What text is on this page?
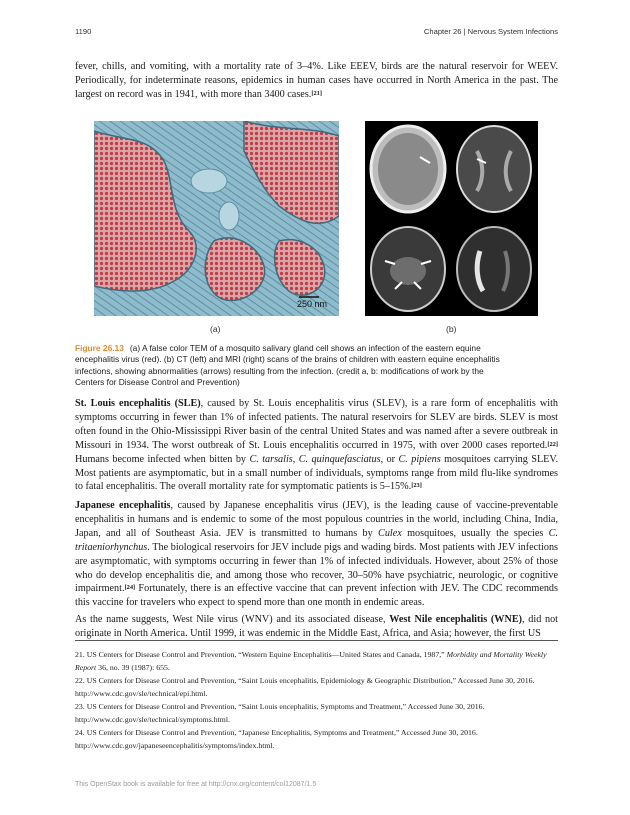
1190	Chapter 26 | Nervous System Infections

fever, chills, and vomiting, with a mortality rate of 3–4%. Like EEEV, birds are the natural reservoir for WEEV. Periodically, for indeterminate reasons, epidemics in human cases have occurred in North America in the past. The largest on record was in 1941, with more than 3400 cases.[21]

250 nm
(a)	(b)

Figure 26.13 (a) A false color TEM of a mosquito salivary gland cell shows an infection of the eastern equine encephalitis virus (red). (b) CT (left) and MRI (right) scans of the brains of children with eastern equine encephalitis infections, showing abnormalities (arrows) resulting from the infection. (credit a, b: modifications of work by the Centers for Disease Control and Prevention)

St. Louis encephalitis (SLE), caused by St. Louis encephalitis virus (SLEV), is a rare form of encephalitis with symptoms occurring in fewer than 1% of infected patients. The natural reservoirs for SLEV are birds. SLEV is most often found in the Ohio-Mississippi River basin of the central United States and was named after a severe outbreak in Missouri in 1934. The worst outbreak of St. Louis encephalitis occurred in 1975, with over 2000 cases reported.[22] Humans become infected when bitten by C. tarsalis, C. quinquefasciatus, or C. pipiens mosquitoes carrying SLEV. Most patients are asymptomatic, but in a small number of individuals, symptoms range from mild flu-like syndromes to fatal encephalitis. The overall mortality rate for symptomatic patients is 5–15%.[23]

Japanese encephalitis, caused by Japanese encephalitis virus (JEV), is the leading cause of vaccine-preventable encephalitis in humans and is endemic to some of the most populous countries in the world, including China, India, Japan, and all of Southeast Asia. JEV is transmitted to humans by Culex mosquitoes, usually the species C. tritaeniorhynchus. The biological reservoirs for JEV include pigs and wading birds. Most patients with JEV infections are asymptomatic, with symptoms occurring in fewer than 1% of infected individuals. However, about 25% of those who do develop encephalitis die, and among those who recover, 30–50% have psychiatric, neurologic, or cognitive impairment.[24] Fortunately, there is an effective vaccine that can prevent infection with JEV. The CDC recommends this vaccine for travelers who expect to spend more than one month in endemic areas.

As the name suggests, West Nile virus (WNV) and its associated disease, West Nile encephalitis (WNE), did not originate in North America. Until 1999, it was endemic in the Middle East, Africa, and Asia; however, the first US

21. US Centers for Disease Control and Prevention, “Western Equine Encephalitis—United States and Canada, 1987,” Morbidity and Mortality Weekly Report 36, no. 39 (1987): 655.

22. US Centers for Disease Control and Prevention, “Saint Louis encephalitis, Epidemiology & Geographic Distribution,” Accessed June 30, 2016. http://www.cdc.gov/sle/technical/epi.html.

23. US Centers for Disease Control and Prevention, “Saint Louis encephalitis, Symptoms and Treatment,” Accessed June 30, 2016. http://www.cdc.gov/sle/technical/symptoms.html.

24. US Centers for Disease Control and Prevention, “Japanese Encephalitis, Symptoms and Treatment,” Accessed June 30, 2016. http://www.cdc.gov/japaneseencephalitis/symptoms/index.html.

This OpenStax book is available for free at http://cnx.org/content/col12087/1.5
